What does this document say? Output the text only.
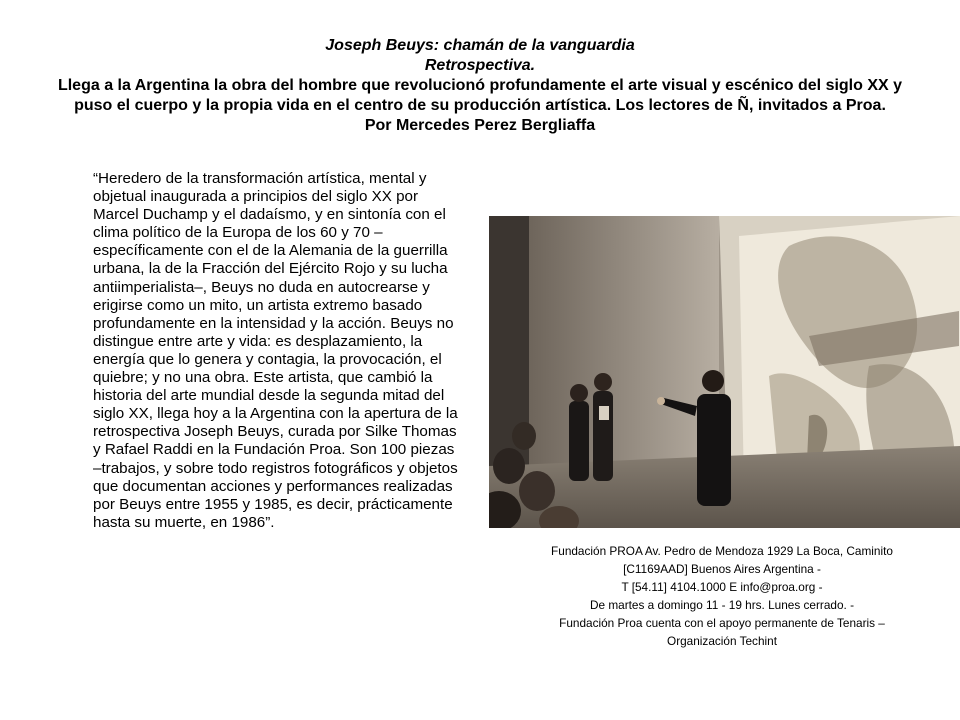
Joseph Beuys: chamán de la vanguardia
Retrospectiva.
Llega a la Argentina la obra del hombre que revolucionó profundamente el arte visual y escénico del siglo XX y puso el cuerpo y la propia vida en el centro de su producción artística. Los lectores de Ñ, invitados a Proa.
Por Mercedes Perez Bergliaffa
“Heredero de la transformación artística, mental y objetual inaugurada a principios del siglo XX por Marcel Duchamp y el dadaísmo, y en sintonía con el clima político de la Europa de los 60 y 70 –específicamente con el de la Alemania de la guerrilla urbana, la de la Fracción del Ejército Rojo y su lucha antiimperialista–, Beuys no duda en autocrearse y erigirse como un mito, un artista extremo basado profundamente en la intensidad y la acción. Beuys no distingue entre arte y vida: es desplazamiento, la energía que lo genera y contagia, la provocación, el quiebre; y no una obra. Este artista, que cambió la historia del arte mundial desde la segunda mitad del siglo XX, llega hoy a la Argentina con la apertura de la retrospectiva Joseph Beuys, curada por Silke Thomas y Rafael Raddi en la Fundación Proa. Son 100 piezas –trabajos, y sobre todo registros fotográficos y objetos que documentan acciones y performances realizadas por Beuys entre 1955 y 1985, es decir, prácticamente hasta su muerte, en 1986”.
Fundación PROA Av. Pedro de Mendoza 1929 La Boca, Caminito
[C1169AAD] Buenos Aires Argentina -
T [54.11] 4104.1000 E info@proa.org -
De martes a domingo 11 - 19 hrs. Lunes cerrado. -
Fundación Proa cuenta con el apoyo permanente de Tenaris –
Organización Techint
